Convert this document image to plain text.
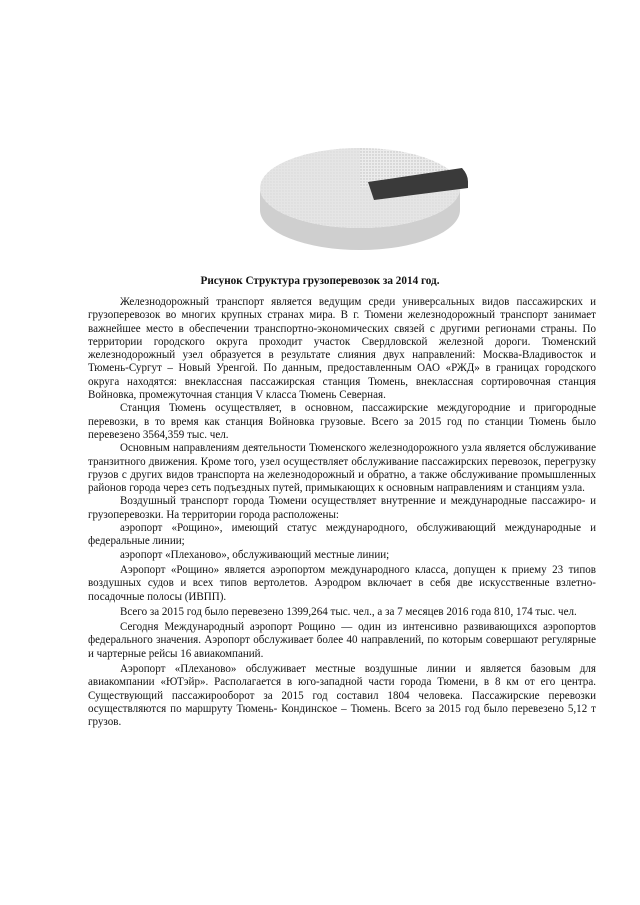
Рисунок Структура грузоперевозок за 2014 год.

Железнодорожный транспорт является ведущим среди универсальных видов пассажирских и грузоперевозок во многих крупных странах мира. В г. Тюмени железнодорожный транспорт занимает важнейшее место в обеспечении транспортно-экономических связей с другими регионами страны. По территории городского округа проходит участок Свердловской железной дороги. Тюменский железнодорожный узел образуется в результате слияния двух направлений: Москва-Владивосток и Тюмень-Сургут – Новый Уренгой. По данным, предоставленным ОАО «РЖД» в границах городского округа находятся: внеклассная пассажирская станция Тюмень, внеклассная сортировочная станция Войновка, промежуточная станция V класса Тюмень Северная.

Станция Тюмень осуществляет, в основном, пассажирские междугородние и пригородные перевозки, в то время как станция Войновка грузовые. Всего за 2015 год по станции Тюмень было перевезено 3564,359 тыс. чел.

Основным направлениям деятельности Тюменского железнодорожного узла является обслуживание транзитного движения. Кроме того, узел осуществляет обслуживание пассажирских перевозок, перегрузку грузов с других видов транспорта на железнодорожный и обратно, а также обслуживание промышленных районов города через сеть подъездных путей, примыкающих к основным направлениям и станциям узла.

Воздушный транспорт города Тюмени осуществляет внутренние и международные пассажиро- и грузоперевозки. На территории города расположены:

аэропорт «Рощино», имеющий статус международного, обслуживающий международные и федеральные линии;

аэропорт «Плеханово», обслуживающий местные линии;

Аэропорт «Рощино» является аэропортом международного класса, допущен к приему 23 типов воздушных судов и всех типов вертолетов. Аэродром включает в себя две искусственные взлетно-посадочные полосы (ИВПП).

Всего за 2015 год было перевезено 1399,264 тыс. чел., а за 7 месяцев 2016 года 810, 174 тыс. чел.

Сегодня Международный аэропорт Рощино — один из интенсивно развивающихся аэропортов федерального значения. Аэропорт обслуживает более 40 направлений, по которым совершают регулярные и чартерные рейсы 16 авиакомпаний.

Аэропорт «Плеханово» обслуживает местные воздушные линии и является базовым для авиакомпании «ЮТэйр». Располагается в юго-западной части города Тюмени, в 8 км от его центра. Существующий пассажирооборот за 2015 год составил 1804 человека. Пассажирские перевозки осуществляются по маршруту Тюмень- Кондинское – Тюмень. Всего за 2015 год было перевезено 5,12 т грузов.
